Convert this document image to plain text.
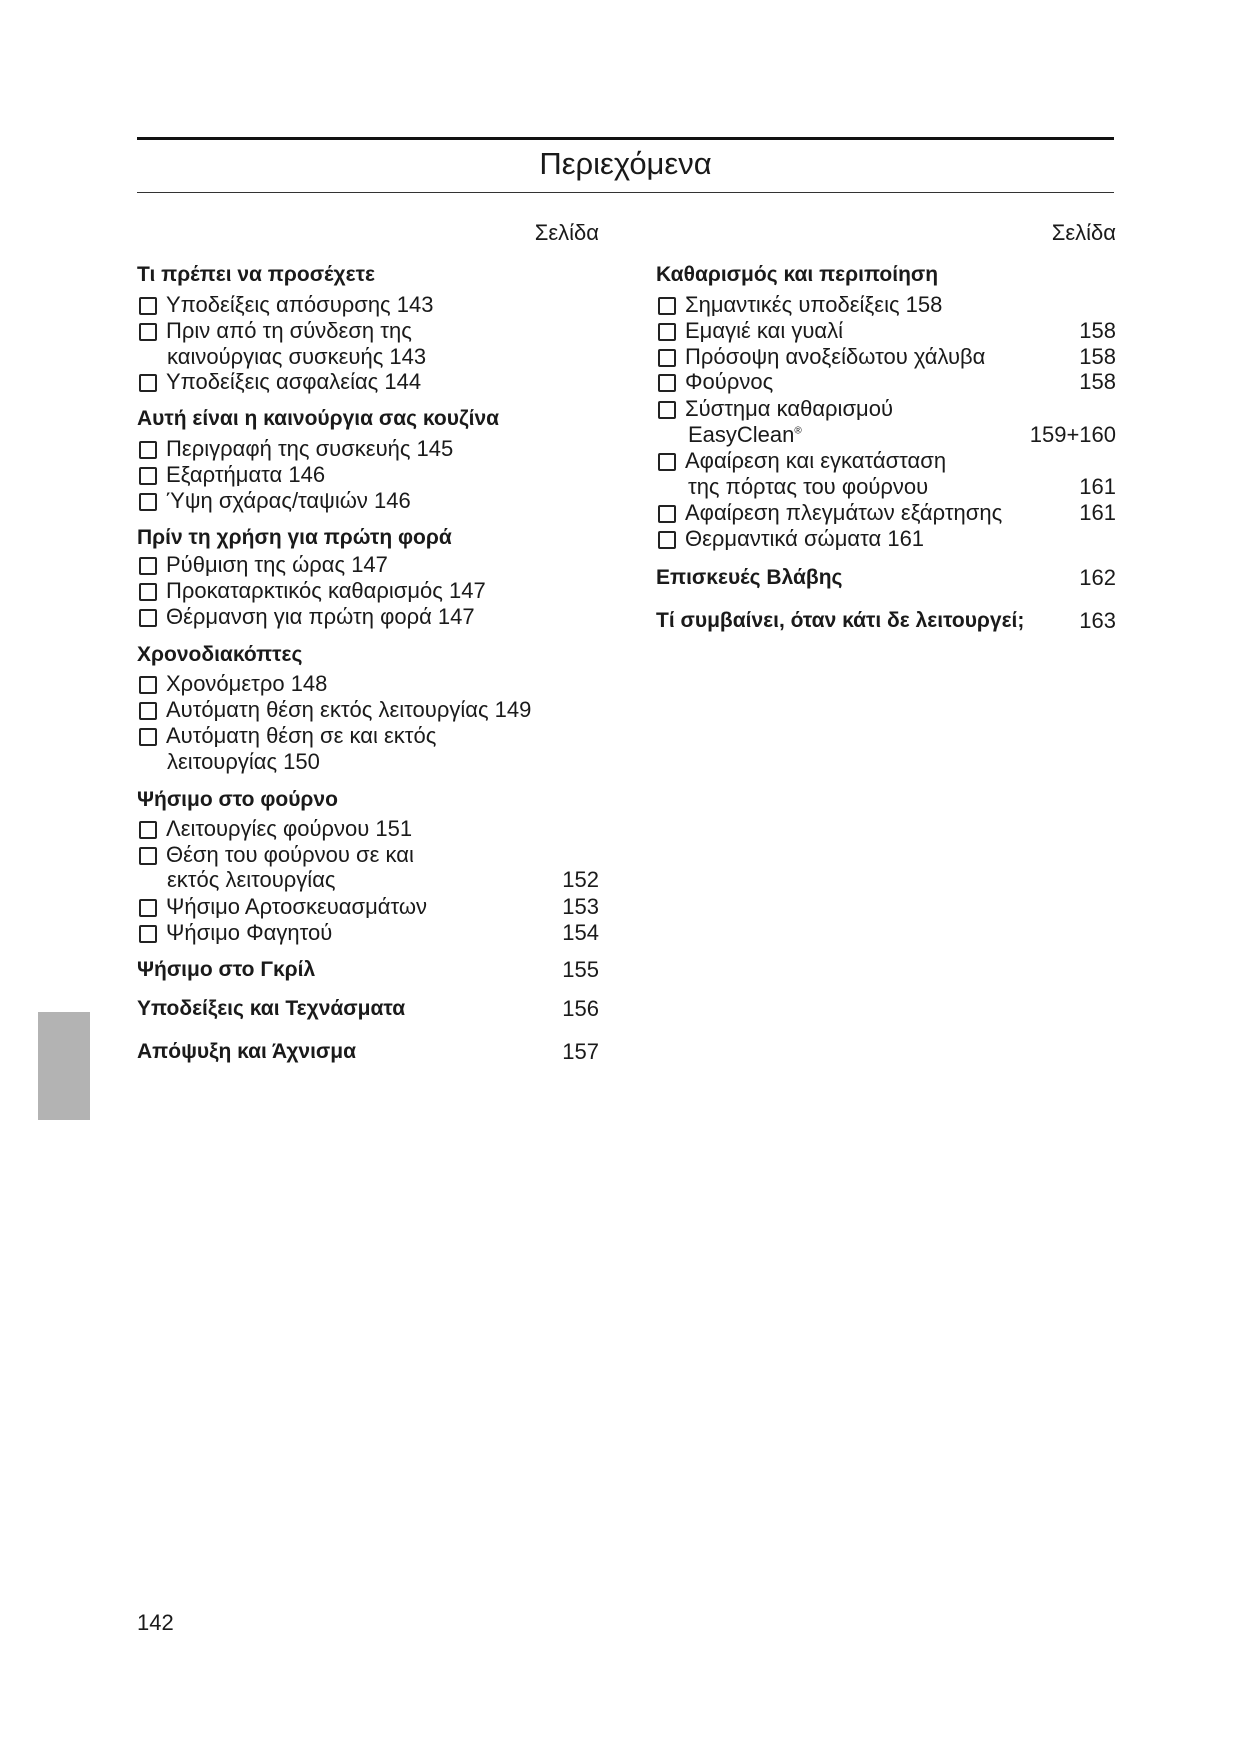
Περιεχόμενα
Σελίδα
Τι πρέπει να προσέχετε
Υποδείξεις απόσυρσης 143
Πριν από τη σύνδεση της
καινούργιας συσκευής 143
Υποδείξεις ασφαλείας 144
Αυτή είναι η καινούργια σας κουζίνα
Περιγραφή της συσκευής 145
Εξαρτήματα 146
Ύψη σχάρας/ταψιών 146
Πρίν τη χρήση για πρώτη φορά
Ρύθμιση της ώρας 147
Προκαταρκτικός καθαρισμός 147
Θέρμανση για πρώτη φορά 147
Χρονοδιακόπτες
Χρονόμετρο 148
Αυτόματη θέση εκτός λειτουργίας 149
Αυτόματη θέση σε και εκτός
λειτουργίας 150
Ψήσιμο στο φούρνο
Λειτουργίες φούρνου 151
Θέση του φούρνου σε και
εκτός λειτουργίας	152
Ψήσιμο Αρτοσκευασμάτων	153
Ψήσιμο Φαγητού	154
Ψήσιμο στο Γκρίλ	155
Υποδείξεις και Τεχνάσματα	156
Απόψυξη και Άχνισμα	157
Σελίδα
Καθαρισμός και περιποίηση
Σημαντικές υποδείξεις 158
Εμαγιέ και γυαλί	158
Πρόσοψη ανοξείδωτου χάλυβα	158
Φούρνος	158
Σύστημα καθαρισμού
EasyClean®	159+160
Αφαίρεση και εγκατάσταση
της πόρτας του φούρνου	161
Αφαίρεση πλεγμάτων εξάρτησης	161
Θερμαντικά σώματα 161
Επισκευές Βλάβης	162
Τί συμβαίνει, όταν κάτι δε λειτουργεί; 163
142
